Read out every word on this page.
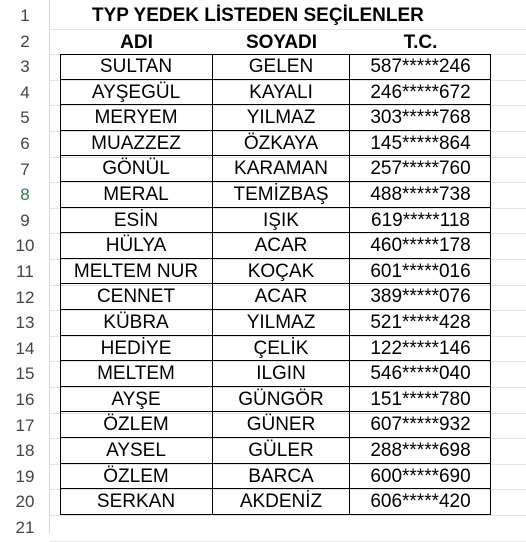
1
2
3
4
5
6
7
8
9
10
11
12
13
14
15
16
17
18
19
20
21
TYP YEDEK LİSTEDEN SEÇİLENLER
ADI	SOYADI	T.C.
SULTAN	GELEN	587*****246
AYŞEGÜL	KAYALI	246*****672
MERYEM	YILMAZ	303*****768
MUAZZEZ	ÖZKAYA	145*****864
GÖNÜL	KARAMAN	257*****760
MERAL	TEMİZBAŞ	488*****738
ESİN	IŞIK	619*****118
HÜLYA	ACAR	460*****178
MELTEM NUR	KOÇAK	601*****016
CENNET	ACAR	389*****076
KÜBRA	YILMAZ	521*****428
HEDİYE	ÇELİK	122*****146
MELTEM	ILGIN	546*****040
AYŞE	GÜNGÖR	151*****780
ÖZLEM	GÜNER	607*****932
AYSEL	GÜLER	288*****698
ÖZLEM	BARCA	600*****690
SERKAN	AKDENİZ	606*****420
